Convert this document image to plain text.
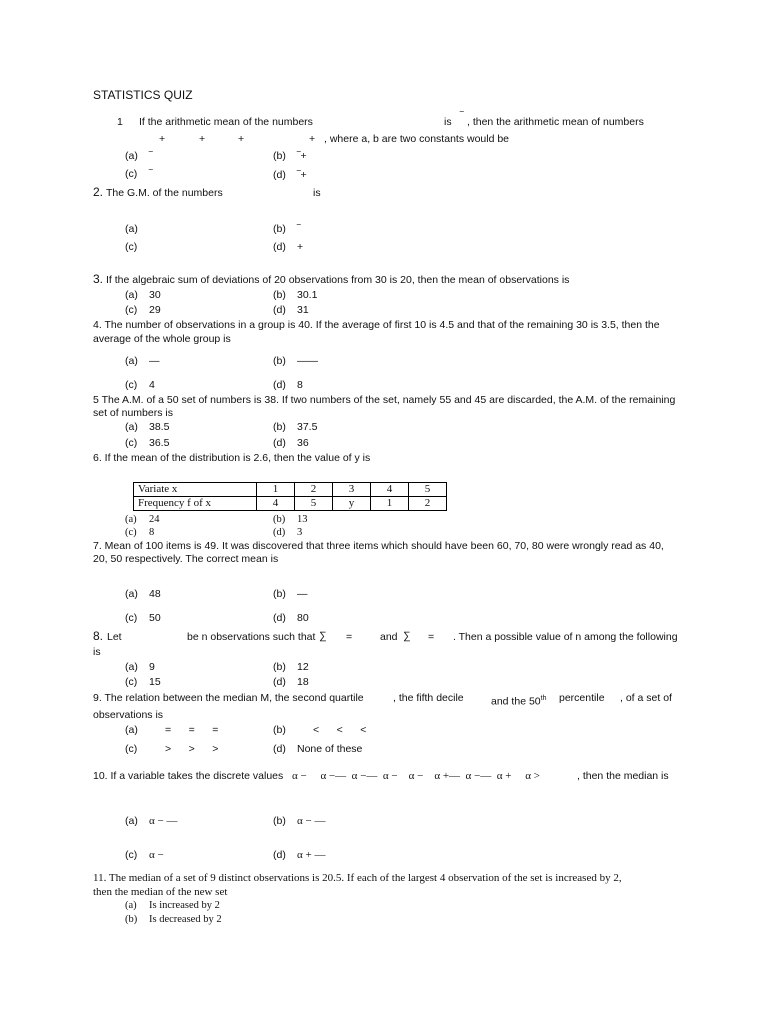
STATISTICS QUIZ
1 If the arithmetic mean of the numbers	is ‾ , then the arithmetic mean of numbers
+	+	+	+ , where a, b are two constants would be
(a) ‾	(b) ‾+
(c) ‾	(d) ‾+
2. The G.M. of the numbers	is
(a)	(b) ‾
(c)	(d) +
3. If the algebraic sum of deviations of 20 observations from 30 is 20, then the mean of observations is
(a) 30	(b) 30.1
(c) 29	(d) 31
4. The number of observations in a group is 40. If the average of first 10 is 4.5 and that of the remaining 30 is 3.5, then the
average of the whole group is
(a) —	(b) ——
(c) 4	(d) 8
5 The A.M. of a 50 set of numbers is 38. If two numbers of the set, namely 55 and 45 are discarded, the A.M. of the remaining
set of numbers is
(a) 38.5	(b) 37.5
(c) 36.5	(d) 36
6. If the mean of the distribution is 2.6, then the value of y is
Variate x	1	2	3	4	5
Frequency f of x	4	5	y	1	2
(a) 24	(b) 13
(c) 8	(d) 3
7. Mean of 100 items is 49. It was discovered that three items which should have been 60, 70, 80 were wrongly read as 40,
20, 50 respectively. The correct mean is
(a) 48	(b) —
(c) 50	(d) 80
8. Let	be n observations such that ∑ =	and ∑ = . Then a possible value of n among the following
is
(a) 9	(b) 12
(c) 15	(d) 18
9. The relation between the median M, the second quartile	, the fifth decile	and the 50th percentile , of a set of
observations is
(a)	=      =      =	(b)	<      <      <
(c)	>      >      >	(d) None of these
10. If a variable takes the discrete values α −     α −—  α −—  α −    α −    α +—  α −—  α +     α >	, then the median is
(a) α − —	(b) α − —
(c) α −	(d) α + —
11. The median of a set of 9 distinct observations is 20.5. If each of the largest 4 observation of the set is increased by 2,
then the median of the new set
(a) Is increased by 2
(b) Is decreased by 2
